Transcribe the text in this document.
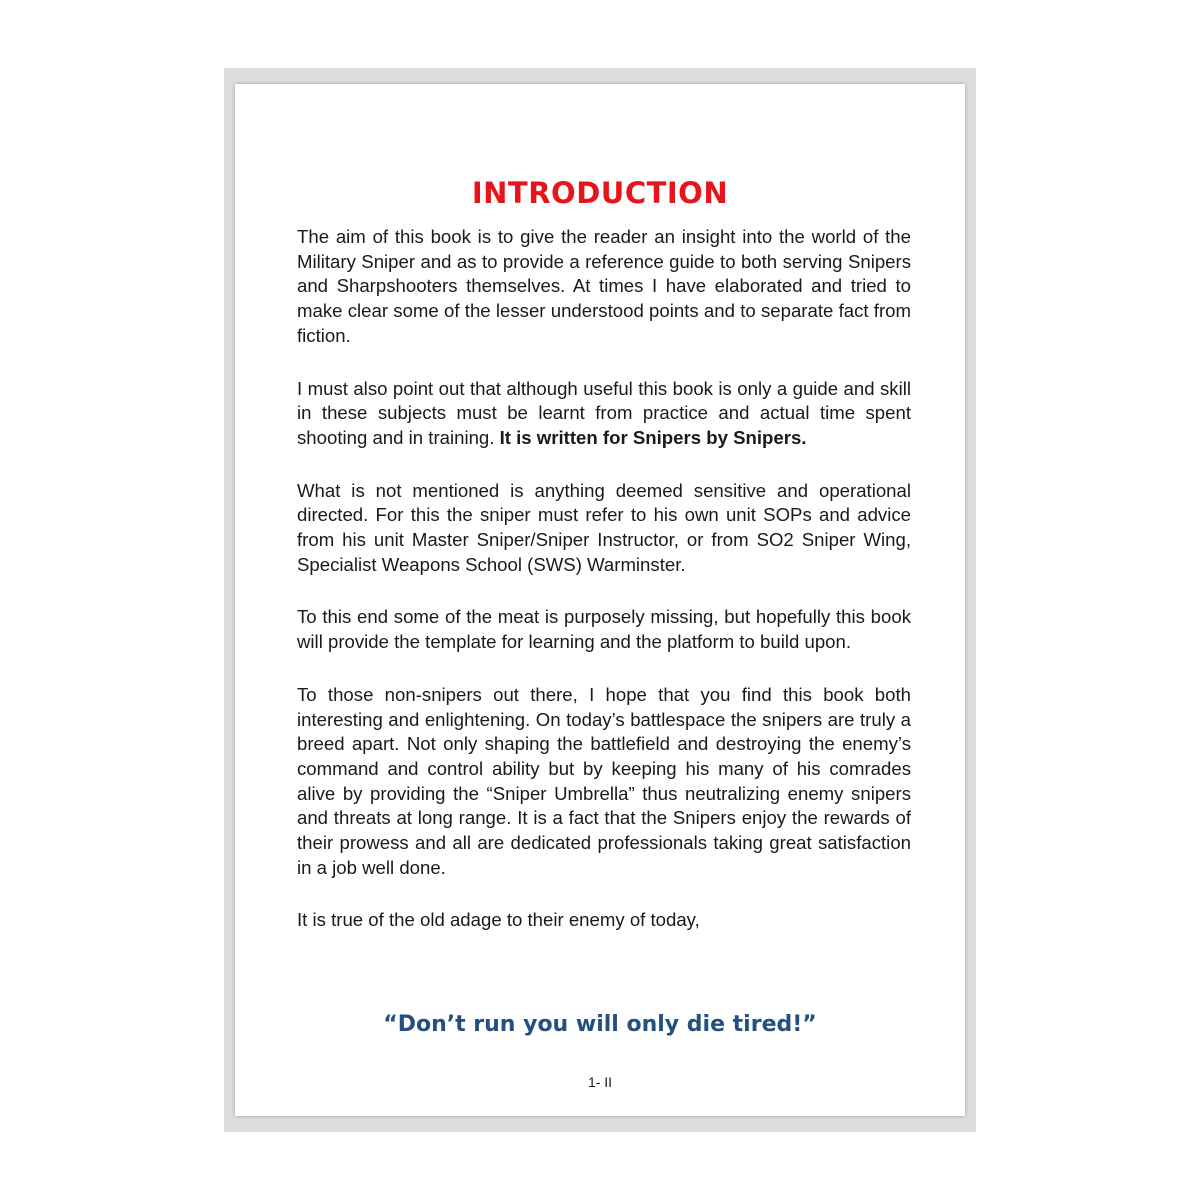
INTRODUCTION

The aim of this book is to give the reader an insight into the world of the Military Sniper and as to provide a reference guide to both serving Snipers and Sharpshooters themselves. At times I have elaborated and tried to make clear some of the lesser understood points and to separate fact from fiction.

I must also point out that although useful this book is only a guide and skill in these subjects must be learnt from practice and actual time spent shooting and in training. It is written for Snipers by Snipers.

What is not mentioned is anything deemed sensitive and operational directed. For this the sniper must refer to his own unit SOPs and advice from his unit Master Sniper/Sniper Instructor, or from SO2 Sniper Wing, Specialist Weapons School (SWS) Warminster.

To this end some of the meat is purposely missing, but hopefully this book will provide the template for learning and the platform to build upon.

To those non-snipers out there, I hope that you find this book both interesting and enlightening. On today’s battlespace the snipers are truly a breed apart. Not only shaping the battlefield and destroying the enemy’s command and control ability but by keeping his many of his comrades alive by providing the “Sniper Umbrella” thus neutralizing enemy snipers and threats at long range. It is a fact that the Snipers enjoy the rewards of their prowess and all are dedicated professionals taking great satisfaction in a job well done.

It is true of the old adage to their enemy of today,

“Don’t run you will only die tired!”
1- II
